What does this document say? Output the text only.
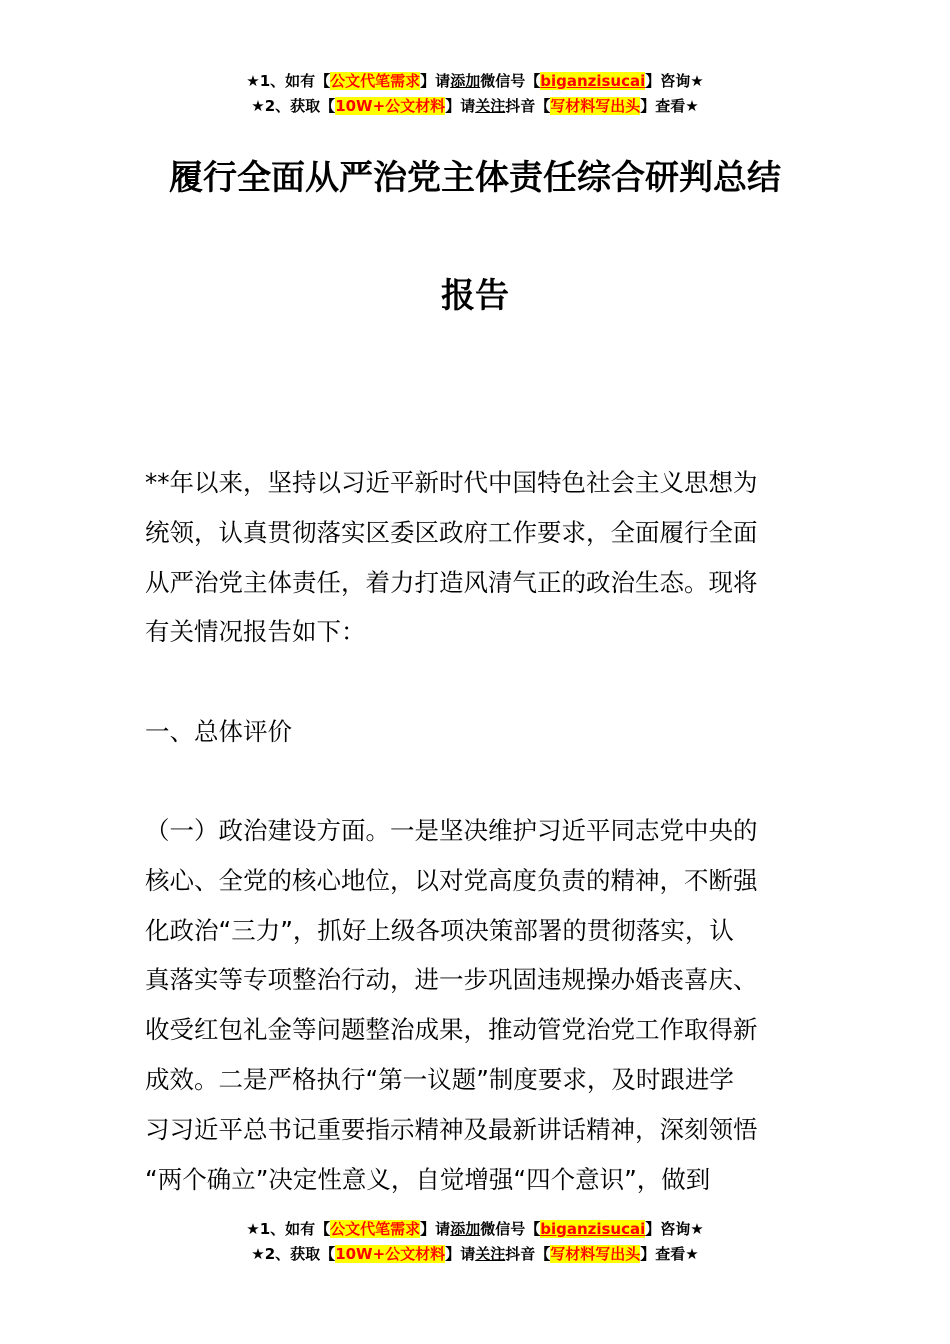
★1、如有【公文代笔需求】请添加微信号【biganzisucai】咨询★
★2、获取【10W+公文材料】请关注抖音【写材料写出头】查看★
履行全面从严治党主体责任综合研判总结
报告
**年以来，坚持以习近平新时代中国特色社会主义思想为
统领，认真贯彻落实区委区政府工作要求，全面履行全面
从严治党主体责任，着力打造风清气正的政治生态。现将
有关情况报告如下：
一、总体评价
（一）政治建设方面。一是坚决维护习近平同志党中央的
核心、全党的核心地位，以对党高度负责的精神，不断强
化政治“三力”，抓好上级各项决策部署的贯彻落实，认
真落实等专项整治行动，进一步巩固违规操办婚丧喜庆、
收受红包礼金等问题整治成果，推动管党治党工作取得新
成效。二是严格执行“第一议题”制度要求，及时跟进学
习习近平总书记重要指示精神及最新讲话精神，深刻领悟
“两个确立”决定性意义，自觉增强“四个意识”，做到
★1、如有【公文代笔需求】请添加微信号【biganzisucai】咨询★
★2、获取【10W+公文材料】请关注抖音【写材料写出头】查看★
